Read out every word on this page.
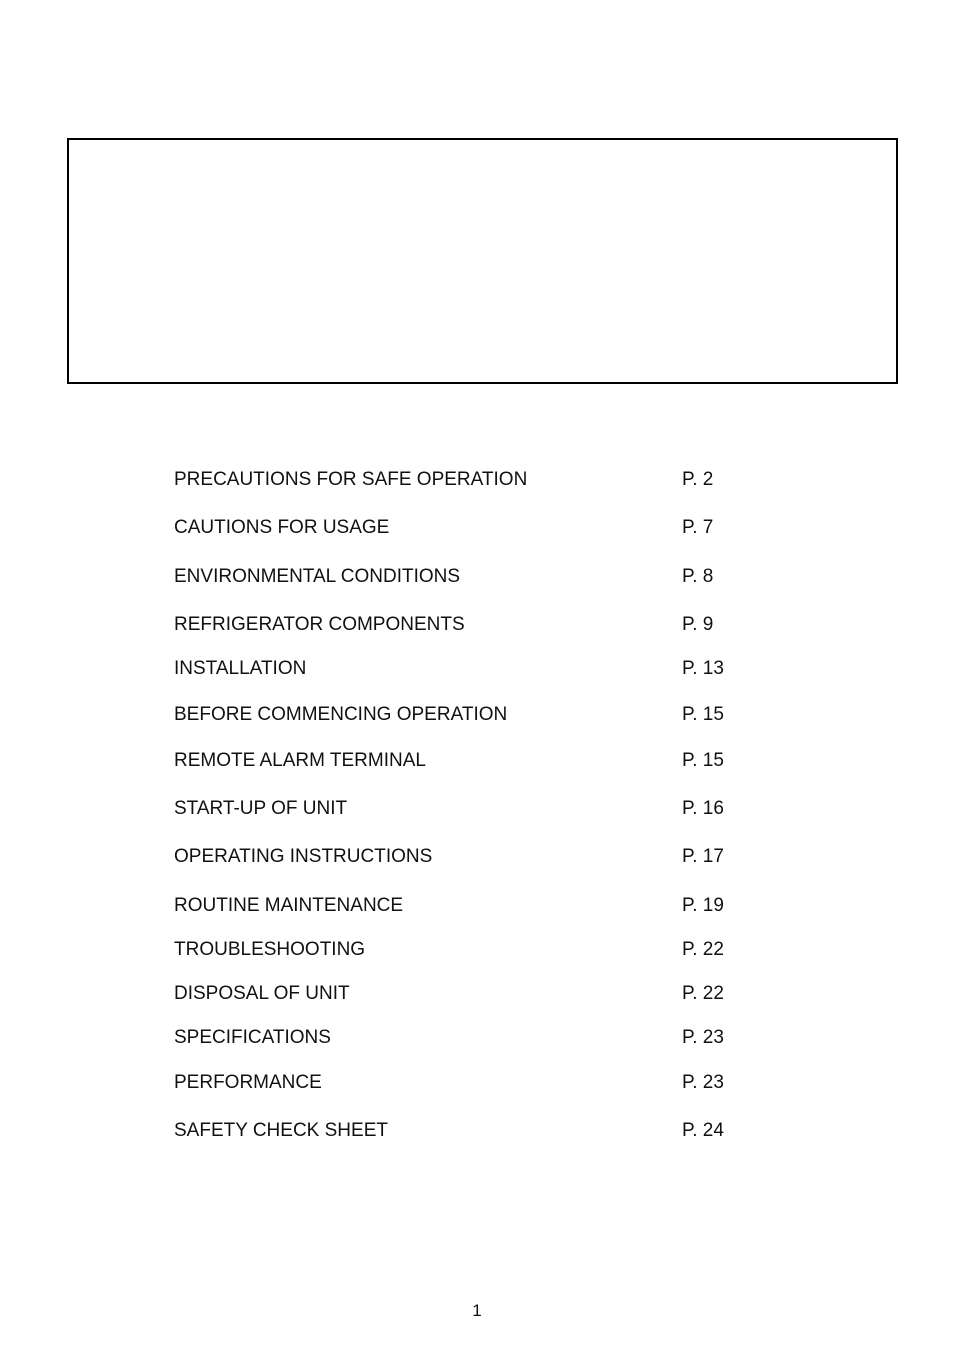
PRECAUTIONS FOR SAFE OPERATION	P. 2
CAUTIONS FOR USAGE	P. 7
ENVIRONMENTAL CONDITIONS	P. 8
REFRIGERATOR COMPONENTS	P. 9
INSTALLATION	P. 13
BEFORE COMMENCING OPERATION	P. 15
REMOTE ALARM TERMINAL	P. 15
START-UP OF UNIT	P. 16
OPERATING INSTRUCTIONS	P. 17
ROUTINE MAINTENANCE	P. 19
TROUBLESHOOTING	P. 22
DISPOSAL OF UNIT	P. 22
SPECIFICATIONS	P. 23
PERFORMANCE	P. 23
SAFETY CHECK SHEET	P. 24
1
